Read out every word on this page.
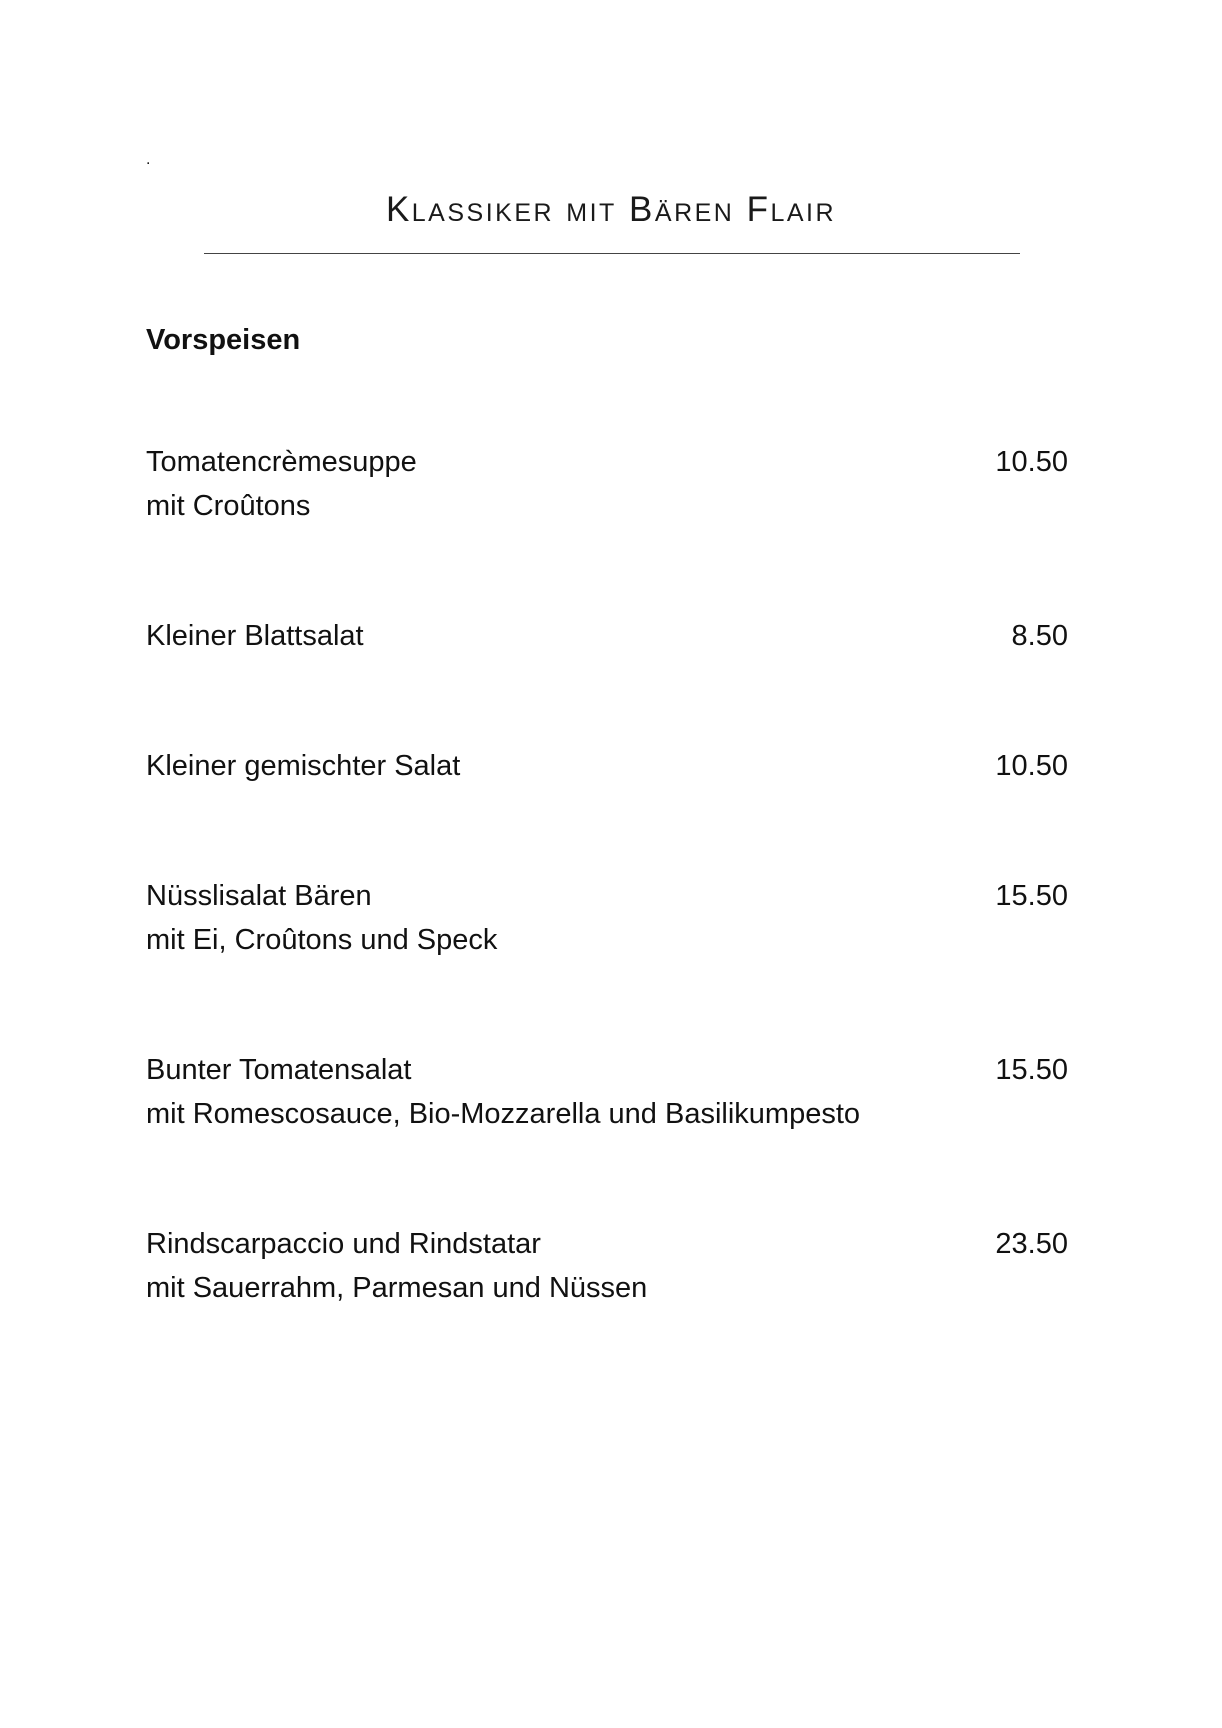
.
Klassiker mit Bären Flair
Vorspeisen
Tomatencrèmesuppe
mit Croûtons
10.50
Kleiner Blattsalat	8.50
Kleiner gemischter Salat	10.50
Nüsslisalat Bären
mit Ei, Croûtons und Speck
15.50
Bunter Tomatensalat
mit Romescosauce, Bio-Mozzarella und Basilikumpesto
15.50
Rindscarpaccio und Rindstatar
mit Sauerrahm, Parmesan und Nüssen
23.50
